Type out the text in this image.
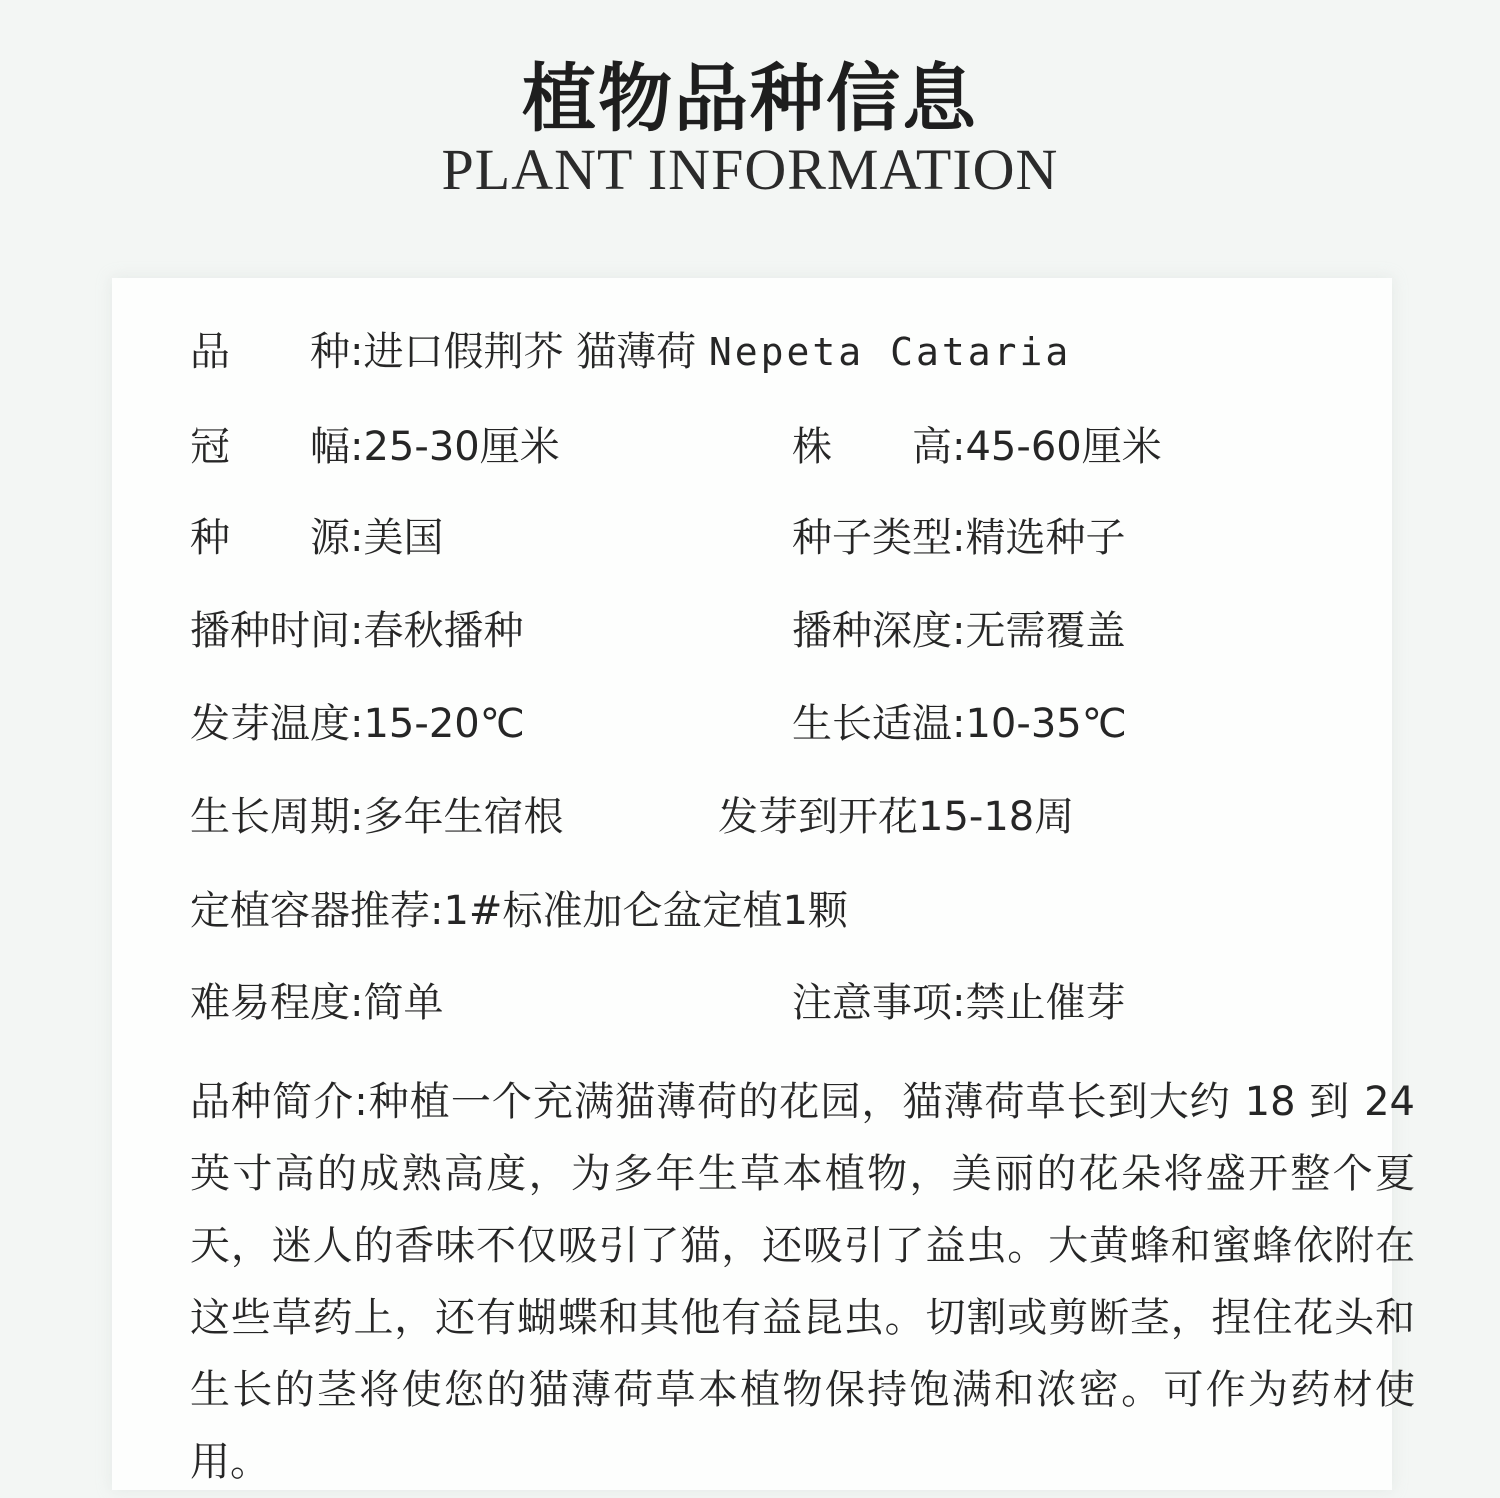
植物品种信息
PLANT INFORMATION
品　　种:进口假荆芥 猫薄荷 Nepeta Cataria
冠　　幅:25-30厘米	株　　高:45-60厘米
种　　源:美国	种子类型:精选种子
播种时间:春秋播种	播种深度:无需覆盖
发芽温度:15-20℃	生长适温:10-35℃
生长周期:多年生宿根	发芽到开花15-18周
定植容器推荐:1#标准加仑盆定植1颗
难易程度:简单	注意事项:禁止催芽
品种简介:种植一个充满猫薄荷的花园，猫薄荷草长到大约 18 到 24 英寸高的成熟高度，为多年生草本植物，美丽的花朵将盛开整个夏天，迷人的香味不仅吸引了猫，还吸引了益虫。大黄蜂和蜜蜂依附在这些草药上，还有蝴蝶和其他有益昆虫。切割或剪断茎，捏住花头和生长的茎将使您的猫薄荷草本植物保持饱满和浓密。可作为药材使用。
